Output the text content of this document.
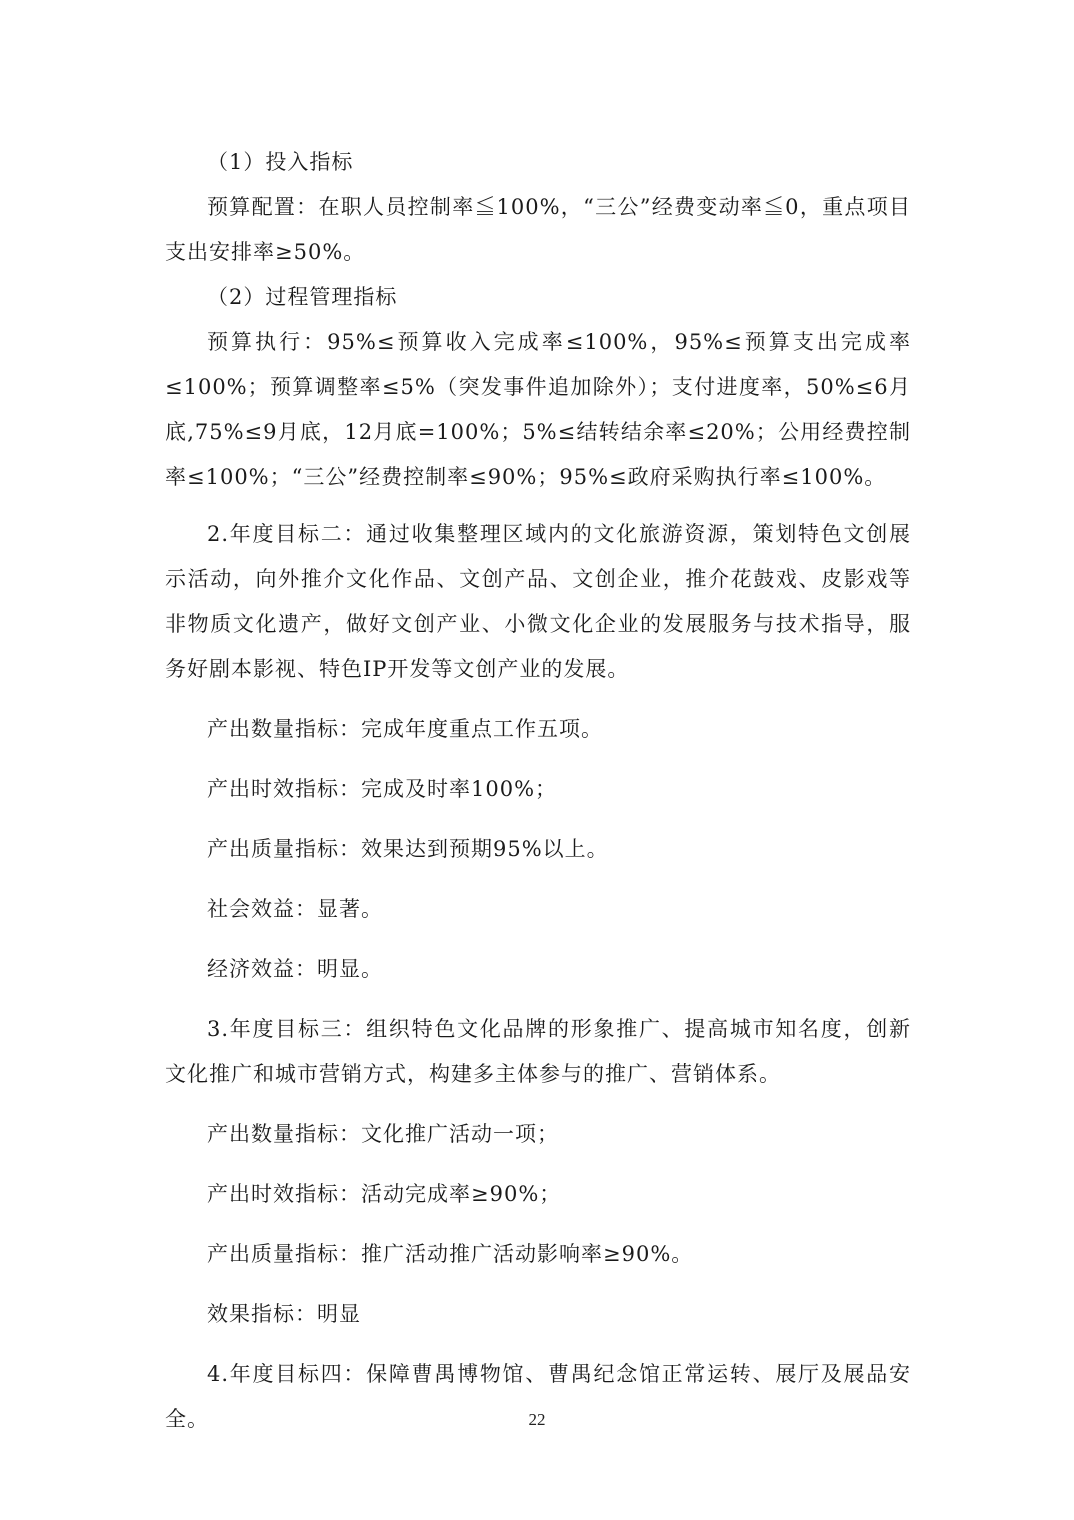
（1）投入指标

预算配置：在职人员控制率≦100%，“三公”经费变动率≦0，重点项目支出安排率≥50%。

（2）过程管理指标

预算执行：95%≤预算收入完成率≤100%，95%≤预算支出完成率≤100%；预算调整率≤5%（突发事件追加除外）；支付进度率，50%≤6月底,75%≤9月底，12月底=100%；5%≤结转结余率≤20%；公用经费控制率≤100%；“三公”经费控制率≤90%；95%≤政府采购执行率≤100%。

2.年度目标二：通过收集整理区域内的文化旅游资源，策划特色文创展示活动，向外推介文化作品、文创产品、文创企业，推介花鼓戏、皮影戏等非物质文化遗产，做好文创产业、小微文化企业的发展服务与技术指导，服务好剧本影视、特色IP开发等文创产业的发展。

产出数量指标：完成年度重点工作五项。

产出时效指标：完成及时率100%；

产出质量指标：效果达到预期95%以上。

社会效益：显著。

经济效益：明显。

3.年度目标三：组织特色文化品牌的形象推广、提高城市知名度，创新文化推广和城市营销方式，构建多主体参与的推广、营销体系。

产出数量指标：文化推广活动一项；

产出时效指标：活动完成率≥90%；

产出质量指标：推广活动推广活动影响率≥90%。

效果指标：明显

4.年度目标四：保障曹禺博物馆、曹禺纪念馆正常运转、展厅及展品安全。	22
